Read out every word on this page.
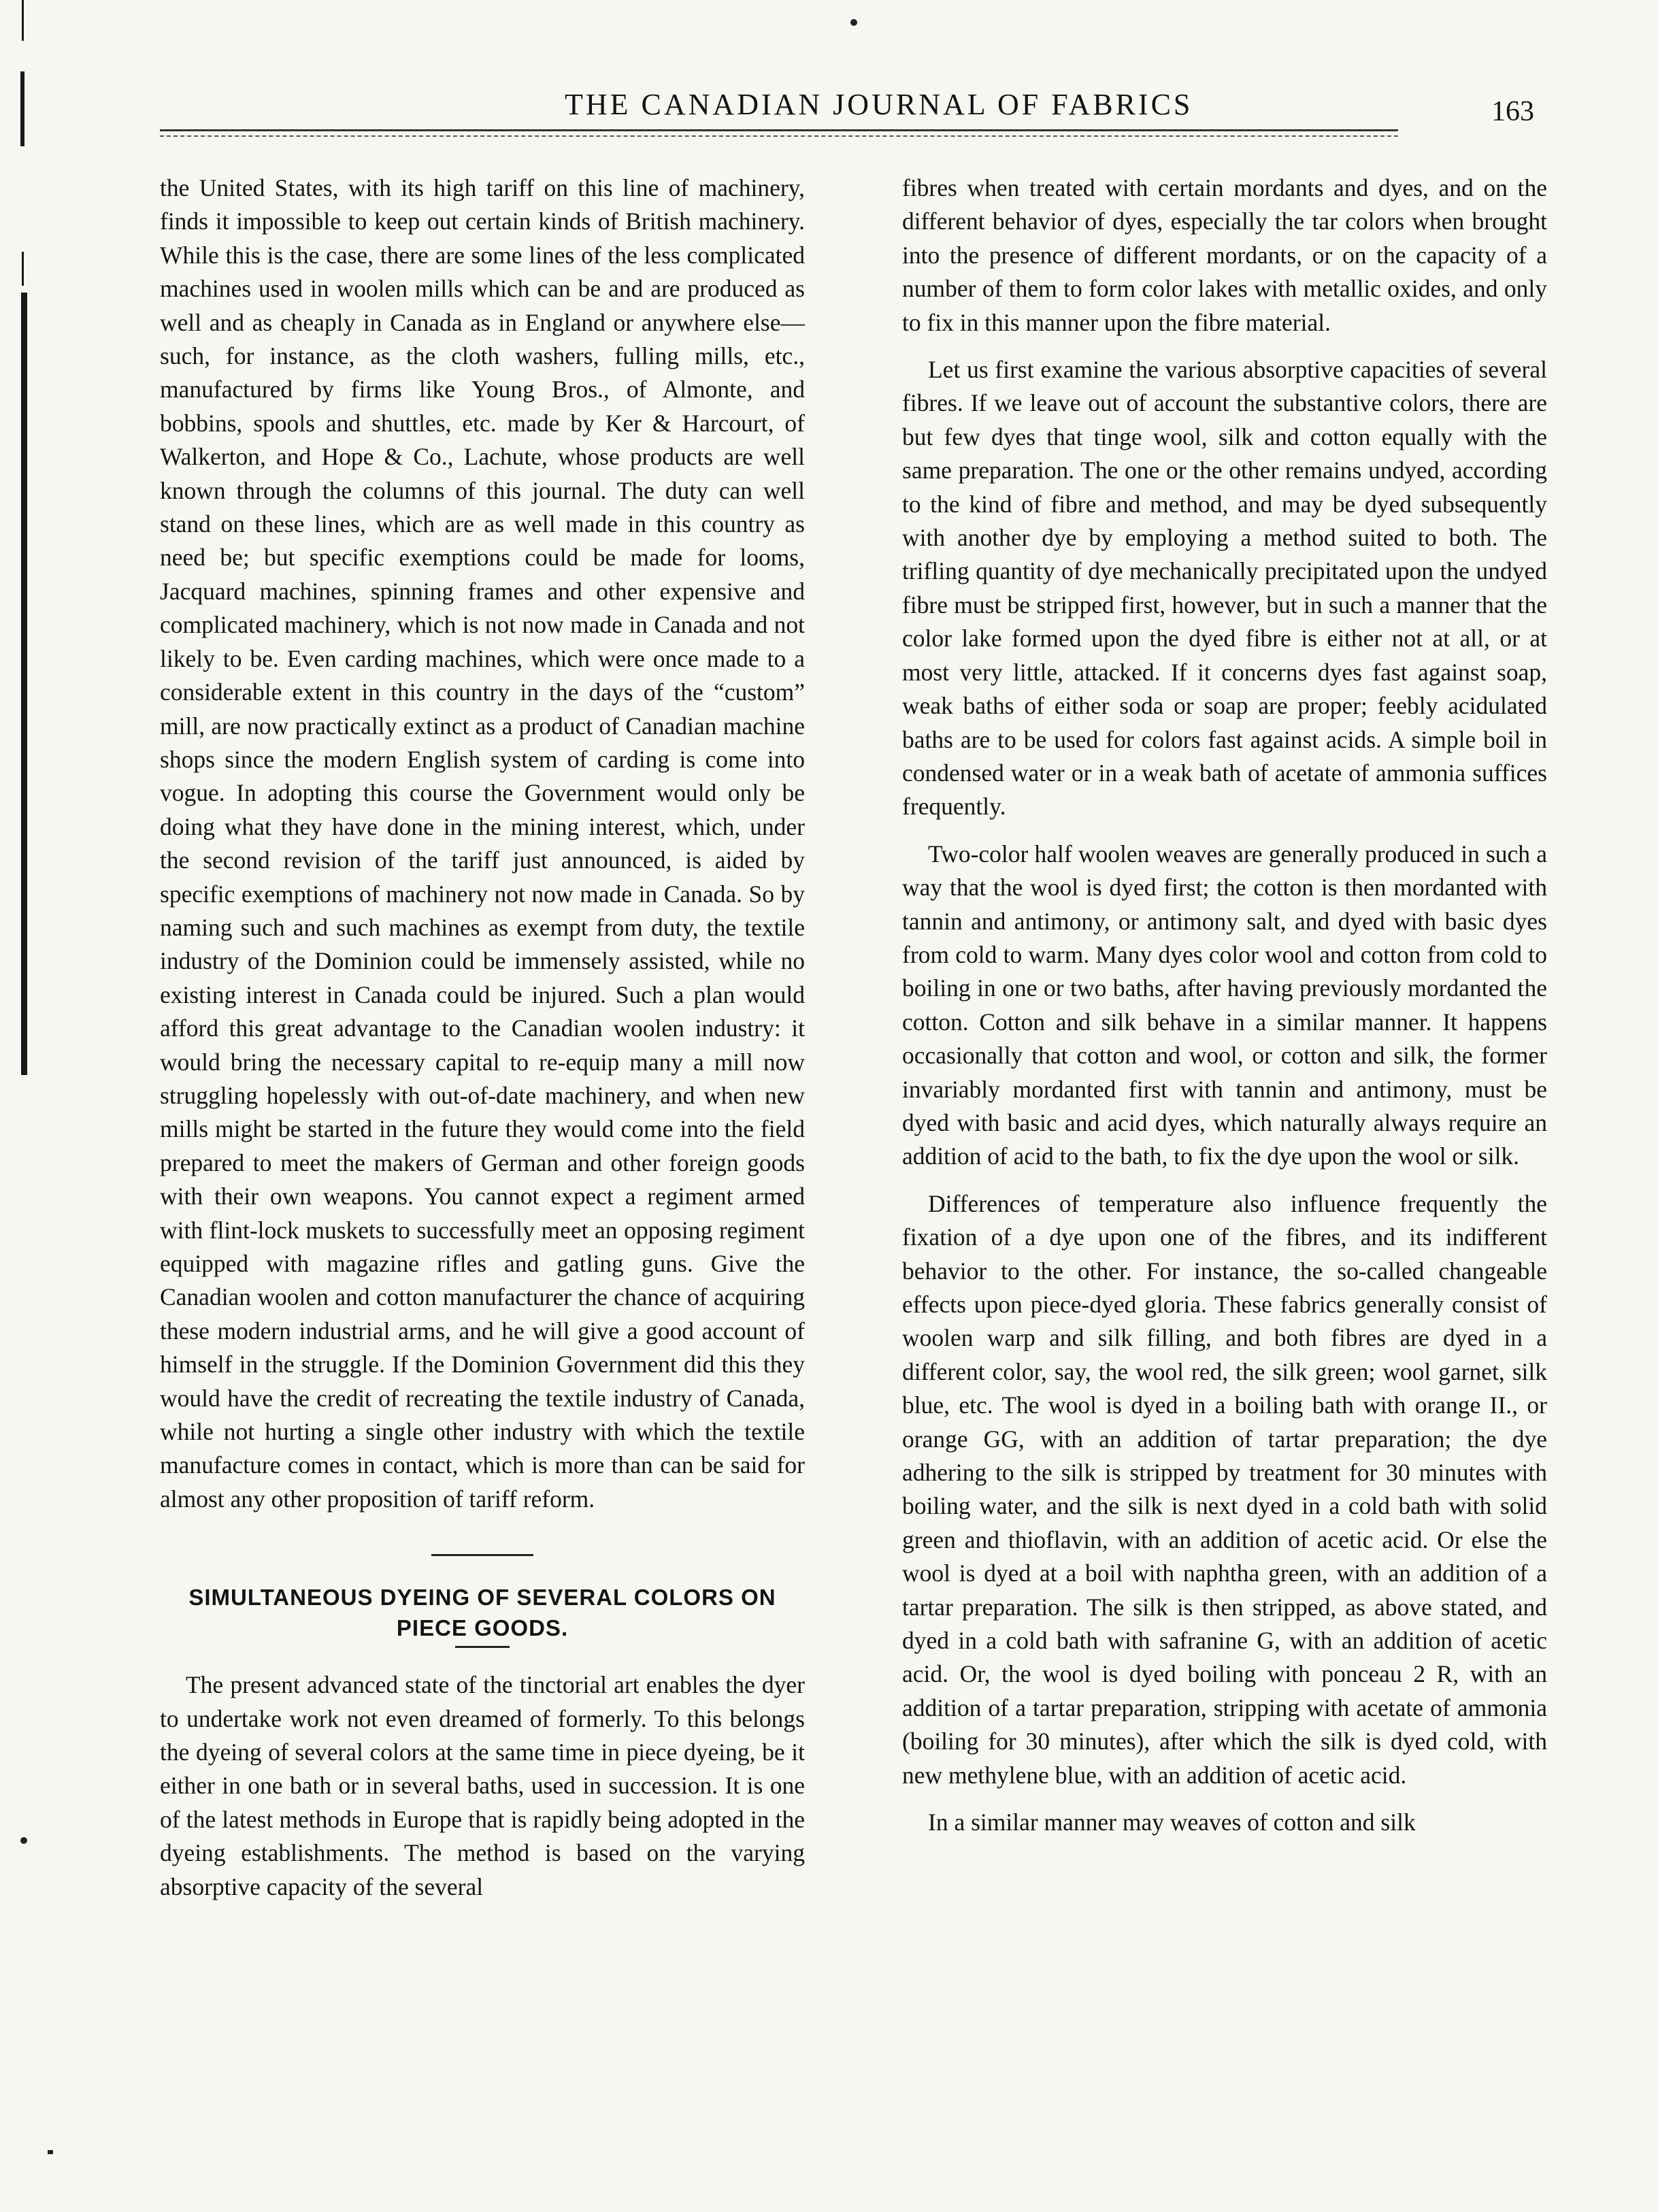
THE CANADIAN JOURNAL OF FABRICS	163

the United States, with its high tariff on this line of machinery, finds it impossible to keep out certain kinds of British machinery. While this is the case, there are some lines of the less complicated machines used in woolen mills which can be and are produced as well and as cheaply in Canada as in England or anywhere else—such, for instance, as the cloth washers, fulling mills, etc., manufactured by firms like Young Bros., of Almonte, and bobbins, spools and shuttles, etc. made by Ker & Harcourt, of Walkerton, and Hope & Co., Lachute, whose products are well known through the columns of this journal. The duty can well stand on these lines, which are as well made in this country as need be; but specific exemptions could be made for looms, Jacquard machines, spinning frames and other expensive and complicated machinery, which is not now made in Canada and not likely to be. Even carding machines, which were once made to a considerable extent in this country in the days of the “custom” mill, are now practically extinct as a product of Canadian machine shops since the modern English system of carding is come into vogue. In adopting this course the Government would only be doing what they have done in the mining interest, which, under the second revision of the tariff just announced, is aided by specific exemptions of machinery not now made in Canada. So by naming such and such machines as exempt from duty, the textile industry of the Dominion could be immensely assisted, while no existing interest in Canada could be injured. Such a plan would afford this great advantage to the Canadian woolen industry: it would bring the necessary capital to re-equip many a mill now struggling hopelessly with out-of-date machinery, and when new mills might be started in the future they would come into the field prepared to meet the makers of German and other foreign goods with their own weapons. You cannot expect a regiment armed with flint-lock muskets to successfully meet an opposing regiment equipped with magazine rifles and gatling guns. Give the Canadian woolen and cotton manufacturer the chance of acquiring these modern industrial arms, and he will give a good account of himself in the struggle. If the Dominion Government did this they would have the credit of recreating the textile industry of Canada, while not hurting a single other industry with which the textile manufacture comes in contact, which is more than can be said for almost any other proposition of tariff reform.

SIMULTANEOUS DYEING OF SEVERAL COLORS ON PIECE GOODS.

The present advanced state of the tinctorial art enables the dyer to undertake work not even dreamed of formerly. To this belongs the dyeing of several colors at the same time in piece dyeing, be it either in one bath or in several baths, used in succession. It is one of the latest methods in Europe that is rapidly being adopted in the dyeing establishments. The method is based on the varying absorptive capacity of the several

fibres when treated with certain mordants and dyes, and on the different behavior of dyes, especially the tar colors when brought into the presence of different mordants, or on the capacity of a number of them to form color lakes with metallic oxides, and only to fix in this manner upon the fibre material.

Let us first examine the various absorptive capacities of several fibres. If we leave out of account the substantive colors, there are but few dyes that tinge wool, silk and cotton equally with the same preparation. The one or the other remains undyed, according to the kind of fibre and method, and may be dyed subsequently with another dye by employing a method suited to both. The trifling quantity of dye mechanically precipitated upon the undyed fibre must be stripped first, however, but in such a manner that the color lake formed upon the dyed fibre is either not at all, or at most very little, attacked. If it concerns dyes fast against soap, weak baths of either soda or soap are proper; feebly acidulated baths are to be used for colors fast against acids. A simple boil in condensed water or in a weak bath of acetate of ammonia suffices frequently.

Two-color half woolen weaves are generally produced in such a way that the wool is dyed first; the cotton is then mordanted with tannin and antimony, or antimony salt, and dyed with basic dyes from cold to warm. Many dyes color wool and cotton from cold to boiling in one or two baths, after having previously mordanted the cotton. Cotton and silk behave in a similar manner. It happens occasionally that cotton and wool, or cotton and silk, the former invariably mordanted first with tannin and antimony, must be dyed with basic and acid dyes, which naturally always require an addition of acid to the bath, to fix the dye upon the wool or silk.

Differences of temperature also influence frequently the fixation of a dye upon one of the fibres, and its indifferent behavior to the other. For instance, the so-called changeable effects upon piece-dyed gloria. These fabrics generally consist of woolen warp and silk filling, and both fibres are dyed in a different color, say, the wool red, the silk green; wool garnet, silk blue, etc. The wool is dyed in a boiling bath with orange II., or orange GG, with an addition of tartar preparation; the dye adhering to the silk is stripped by treatment for 30 minutes with boiling water, and the silk is next dyed in a cold bath with solid green and thioflavin, with an addition of acetic acid. Or else the wool is dyed at a boil with naphtha green, with an addition of a tartar preparation. The silk is then stripped, as above stated, and dyed in a cold bath with safranine G, with an addition of acetic acid. Or, the wool is dyed boiling with ponceau 2 R, with an addition of a tartar preparation, stripping with acetate of ammonia (boiling for 30 minutes), after which the silk is dyed cold, with new methylene blue, with an addition of acetic acid.

In a similar manner may weaves of cotton and silk
